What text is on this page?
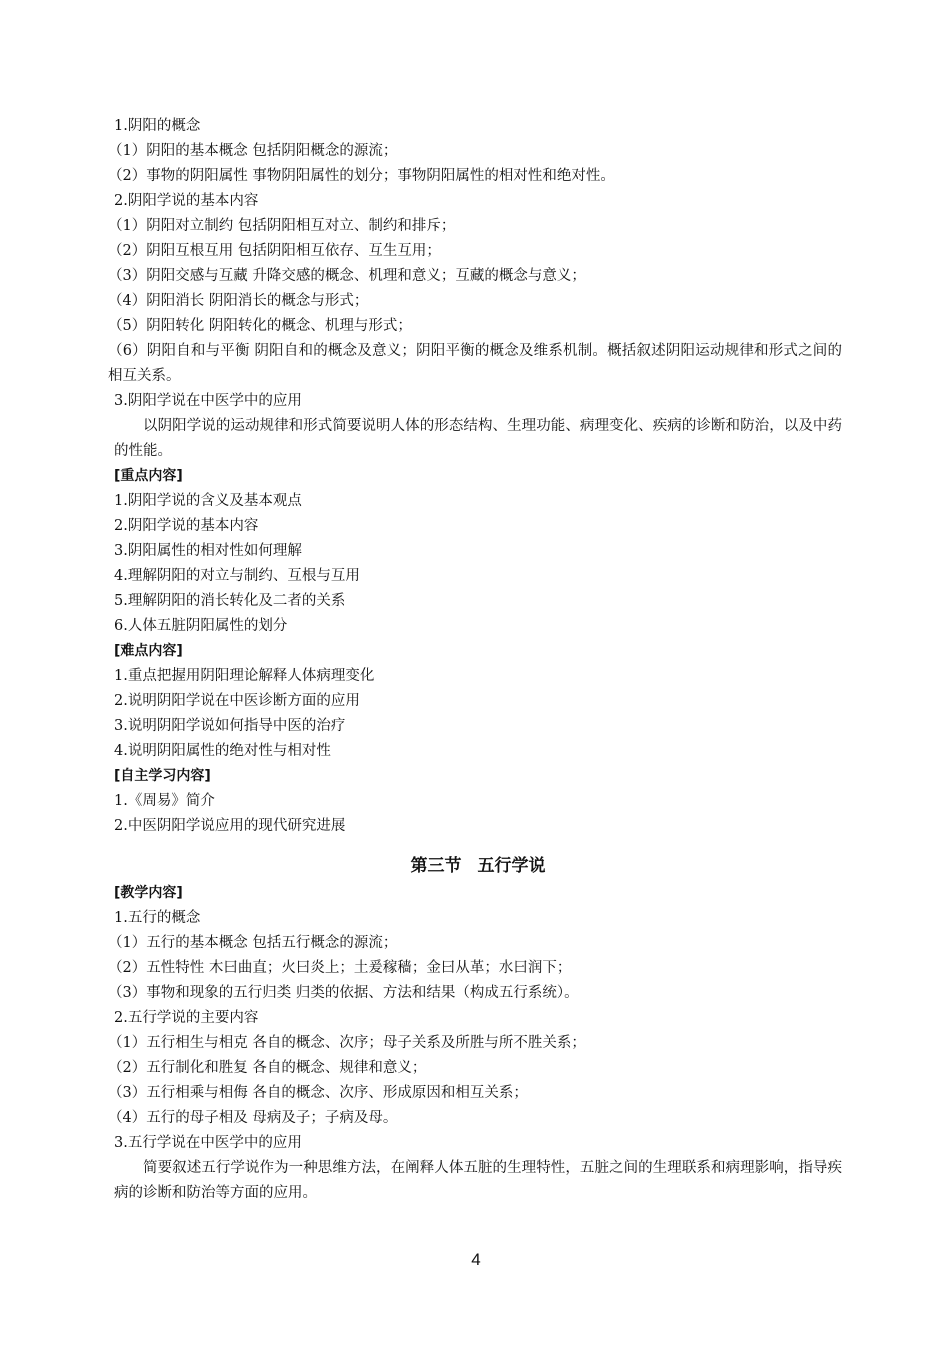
1.阴阳的概念
（1）阴阳的基本概念 包括阴阳概念的源流；
（2）事物的阴阳属性 事物阴阳属性的划分；事物阴阳属性的相对性和绝对性。
2.阴阳学说的基本内容
（1）阴阳对立制约 包括阴阳相互对立、制约和排斥；
（2）阴阳互根互用 包括阴阳相互依存、互生互用；
（3）阴阳交感与互藏 升降交感的概念、机理和意义；互藏的概念与意义；
（4）阴阳消长 阴阳消长的概念与形式；
（5）阴阳转化 阴阳转化的概念、机理与形式；
（6）阴阳自和与平衡 阴阳自和的概念及意义；阴阳平衡的概念及维系机制。概括叙述阴阳运动规律和形式之间的相互关系。
3.阴阳学说在中医学中的应用
以阴阳学说的运动规律和形式简要说明人体的形态结构、生理功能、病理变化、疾病的诊断和防治，以及中药的性能。
[重点内容]
1.阴阳学说的含义及基本观点
2.阴阳学说的基本内容
3.阴阳属性的相对性如何理解
4.理解阴阳的对立与制约、互根与互用
5.理解阴阳的消长转化及二者的关系
6.人体五脏阴阳属性的划分
[难点内容]
1.重点把握用阴阳理论解释人体病理变化
2.说明阴阳学说在中医诊断方面的应用
3.说明阴阳学说如何指导中医的治疗
4.说明阴阳属性的绝对性与相对性
[自主学习内容]
1.《周易》简介
2.中医阴阳学说应用的现代研究进展
第三节 五行学说
[教学内容]
1.五行的概念
（1）五行的基本概念 包括五行概念的源流；
（2）五性特性 木曰曲直；火曰炎上；土爰稼穑；金曰从革；水曰润下；
（3）事物和现象的五行归类 归类的依据、方法和结果（构成五行系统）。
2.五行学说的主要内容
（1）五行相生与相克 各自的概念、次序；母子关系及所胜与所不胜关系；
（2）五行制化和胜复 各自的概念、规律和意义；
（3）五行相乘与相侮 各自的概念、次序、形成原因和相互关系；
（4）五行的母子相及 母病及子；子病及母。
3.五行学说在中医学中的应用
简要叙述五行学说作为一种思维方法，在阐释人体五脏的生理特性，五脏之间的生理联系和病理影响，指导疾病的诊断和防治等方面的应用。
4
